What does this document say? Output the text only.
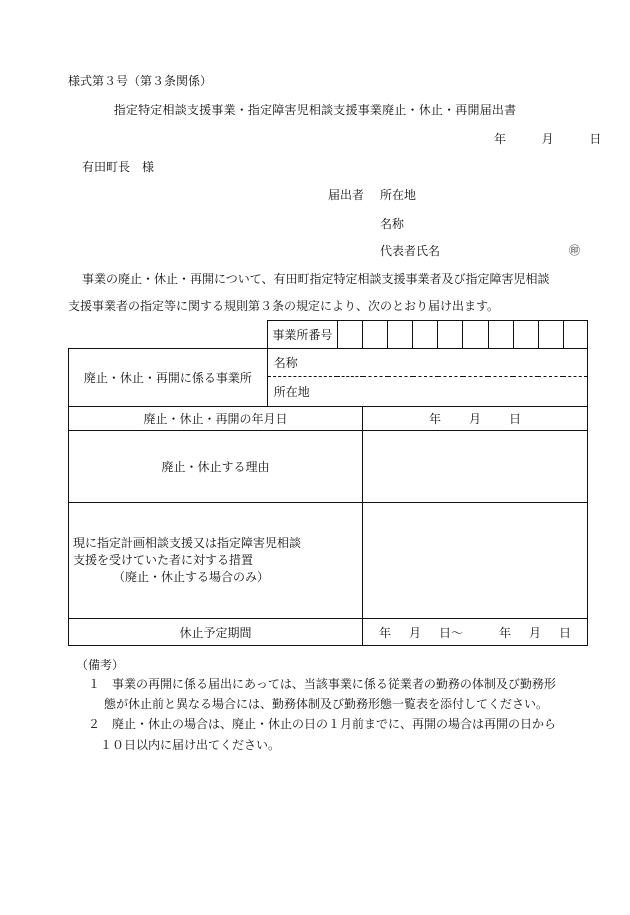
様式第３号（第３条関係）
指定特定相談支援事業・指定障害児相談支援事業廃止・休止・再開届出書
年	月	日
有田町長　様
届出者 所在地
名称
代表者氏名	㊞
事業の廃止・休止・再開について、有田町指定特定相談支援事業者及び指定障害児相談
支援事業者の指定等に関する規則第３条の規定により、次のとおり届け出ます。
	事業所番号										
廃止・休止・再開に係る事業所	名称										
	所在地										
廃止・休止・再開の年月日			年 月 日								
廃止・休止する理由											

現に指定計画相談支援又は指定障害児相談
支援を受けていた者に対する措置
（廃止・休止する場合のみ）											

休止予定期間			年 月 日～ 年 月 日								
（備考）
１　事業の再開に係る届出にあっては、当該事業に係る従業者の勤務の体制及び勤務形
態が休止前と異なる場合には、勤務体制及び勤務形態一覧表を添付してください。
２　廃止・休止の場合は、廃止・休止の日の１月前までに、再開の場合は再開の日から
１０日以内に届け出てください。
